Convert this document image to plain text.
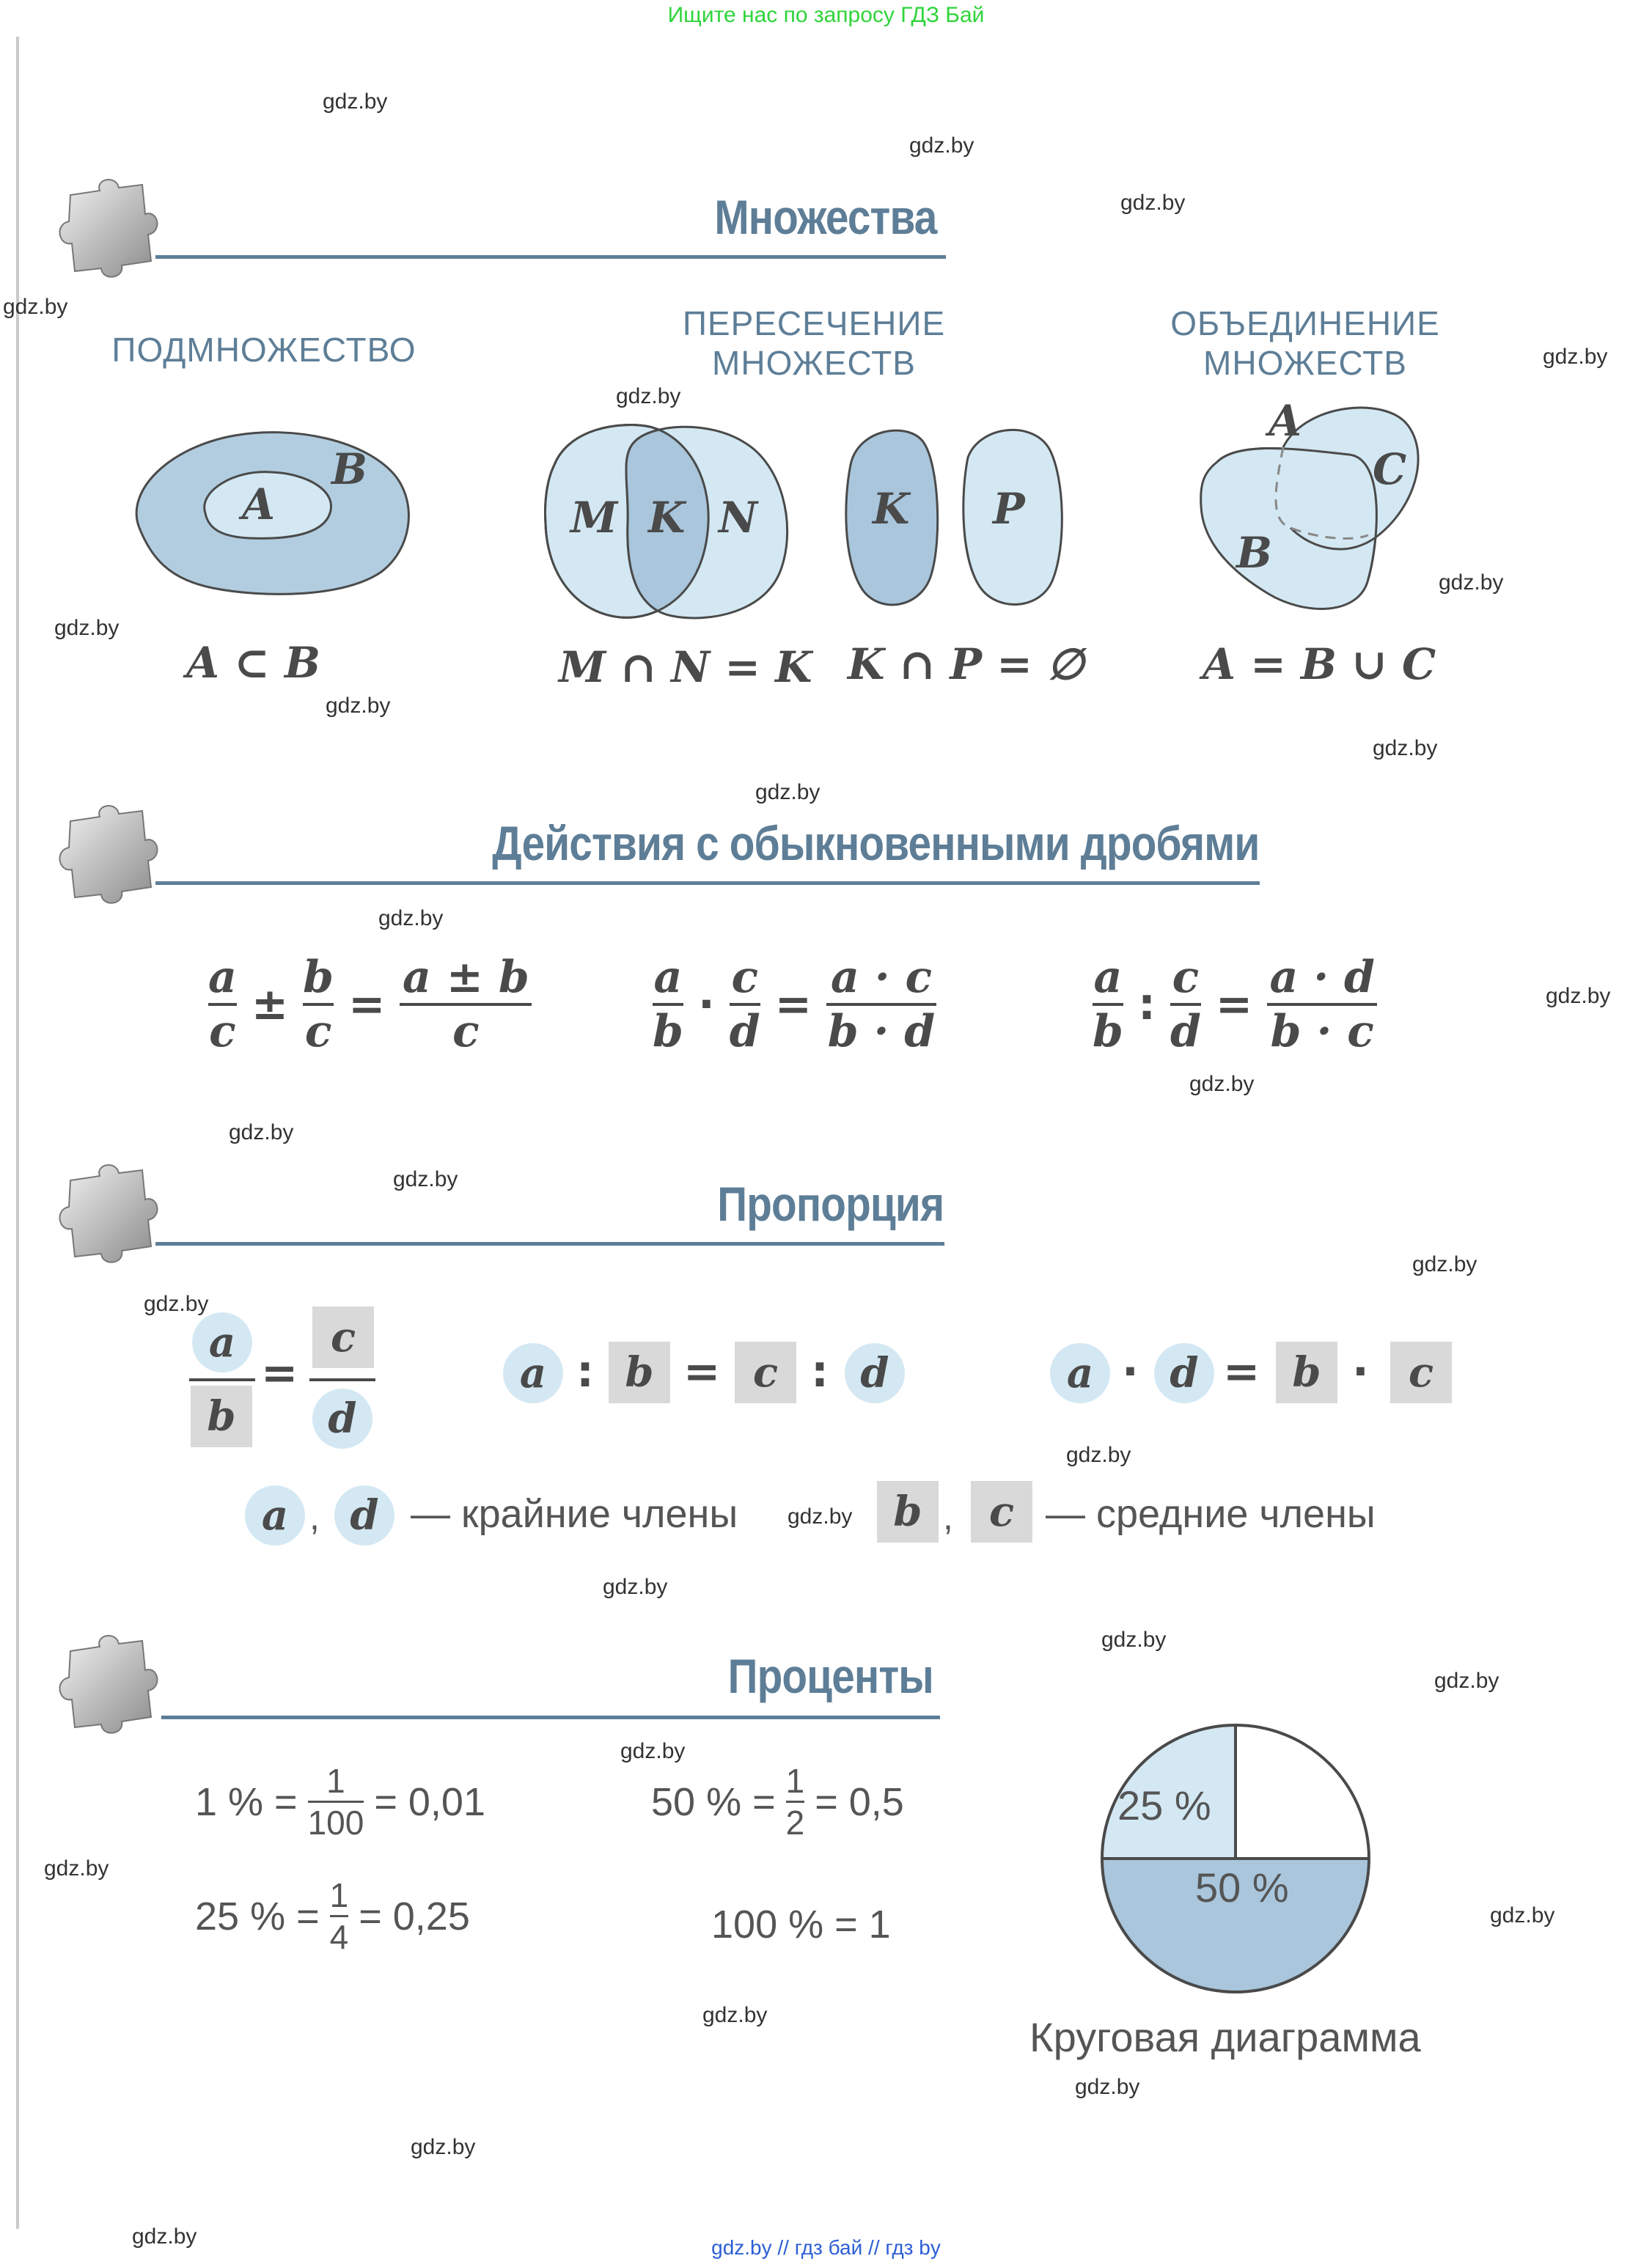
Ищите нас по запросу ГДЗ Бай
gdz.by
gdz.by
gdz.by
gdz.by
gdz.by
gdz.by
gdz.by
gdz.by
gdz.by
gdz.by
gdz.by
gdz.by
gdz.by
gdz.by
gdz.by
gdz.by
gdz.by
gdz.by
gdz.by
gdz.by
gdz.by
gdz.by
gdz.by
gdz.by
gdz.by
gdz.by
gdz.by
gdz.by
gdz.by
gdz.by
Множества
ПОДМНОЖЕСТВО
ПЕРЕСЕЧЕНИЕ
МНОЖЕСТВ
ОБЪЕДИНЕНИЕ
МНОЖЕСТВ
A
B
A ⊂ B
M K N
M ∩ N = K
K P
K ∩ P = ∅
A
C
B
A = B ∪ C
Действия с обыкновенными дробями
$\frac{a}{c} \pm \frac{b}{c} = \frac{a \pm b}{c}$	$\frac{a}{b} \cdot \frac{c}{d} = \frac{a \cdot c}{b \cdot d}$	$\frac{a}{b}$ : $\frac{c}{d} = \frac{a \cdot d}{b \cdot c}$
Пропорция
a
b
=
c
d
a : b = c : d	a · d = b · c
a , d — крайние члены	b , c — средние члены
Проценты
1 % = 1
100 = 0,01	50 % = 1
2 = 0,5
25 % = 1
4 = 0,25	100 % = 1
25 %
50 %
Круговая диаграмма
gdz.by // гдз бай // гдз by
